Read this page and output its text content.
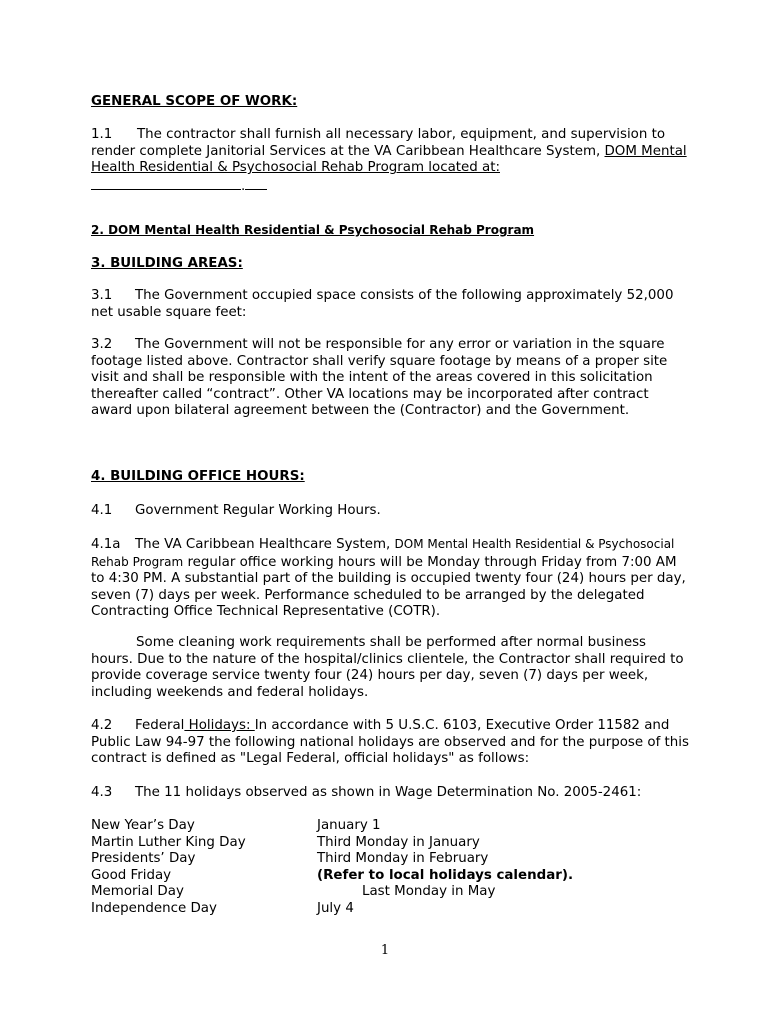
GENERAL SCOPE OF WORK:

1.1 The contractor shall furnish all necessary labor, equipment, and supervision to render complete Janitorial Services at the VA Caribbean Healthcare System, DOM Mental Health Residential & Psychosocial Rehab Program located at:
.

2. DOM Mental Health Residential & Psychosocial Rehab Program

3. BUILDING AREAS:

3.1 The Government occupied space consists of the following approximately 52,000 net usable square feet:

3.2 The Government will not be responsible for any error or variation in the square footage listed above. Contractor shall verify square footage by means of a proper site visit and shall be responsible with the intent of the areas covered in this solicitation thereafter called “contract”. Other VA locations may be incorporated after contract award upon bilateral agreement between the (Contractor) and the Government.

4. BUILDING OFFICE HOURS:

4.1 Government Regular Working Hours.

4.1a The VA Caribbean Healthcare System, DOM Mental Health Residential & Psychosocial Rehab Program regular office working hours will be Monday through Friday from 7:00 AM to 4:30 PM. A substantial part of the building is occupied twenty four (24) hours per day, seven (7) days per week. Performance scheduled to be arranged by the delegated Contracting Office Technical Representative (COTR).

Some cleaning work requirements shall be performed after normal business hours. Due to the nature of the hospital/clinics clientele, the Contractor shall required to provide coverage service twenty four (24) hours per day, seven (7) days per week, including weekends and federal holidays.

4.2 Federal Holidays: In accordance with 5 U.S.C. 6103, Executive Order 11582 and Public Law 94-97 the following national holidays are observed and for the purpose of this contract is defined as "Legal Federal, official holidays" as follows:

4.3 The 11 holidays observed as shown in Wage Determination No. 2005-2461:

New Year’s Day	January 1
Martin Luther King Day	Third Monday in January
Presidents’ Day	Third Monday in February
Good Friday	(Refer to local holidays calendar).
Memorial Day	Last Monday in May
Independence Day	July 4
1
